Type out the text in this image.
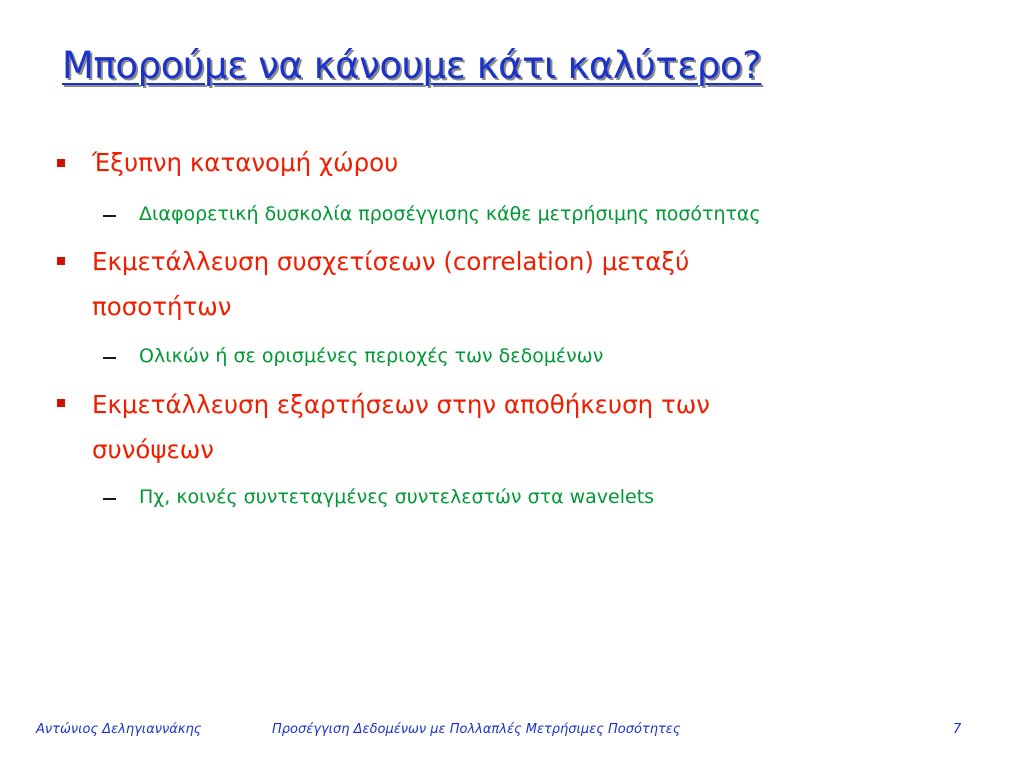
Μπορούμε να κάνουμε κάτι καλύτερο?

Έξυπνη κατανομή χώρου

Διαφορετική δυσκολία προσέγγισης κάθε μετρήσιμης ποσότητας

Εκμετάλλευση συσχετίσεων (correlation) μεταξύ

ποσοτήτων

Ολικών ή σε ορισμένες περιοχές των δεδομένων

Εκμετάλλευση εξαρτήσεων στην αποθήκευση των

συνόψεων

Πχ, κοινές συντεταγμένες συντελεστών στα wavelets

Αντώνιος Δεληγιαννάκης	Προσέγγιση Δεδομένων με Πολλαπλές Μετρήσιμες Ποσότητες	7
